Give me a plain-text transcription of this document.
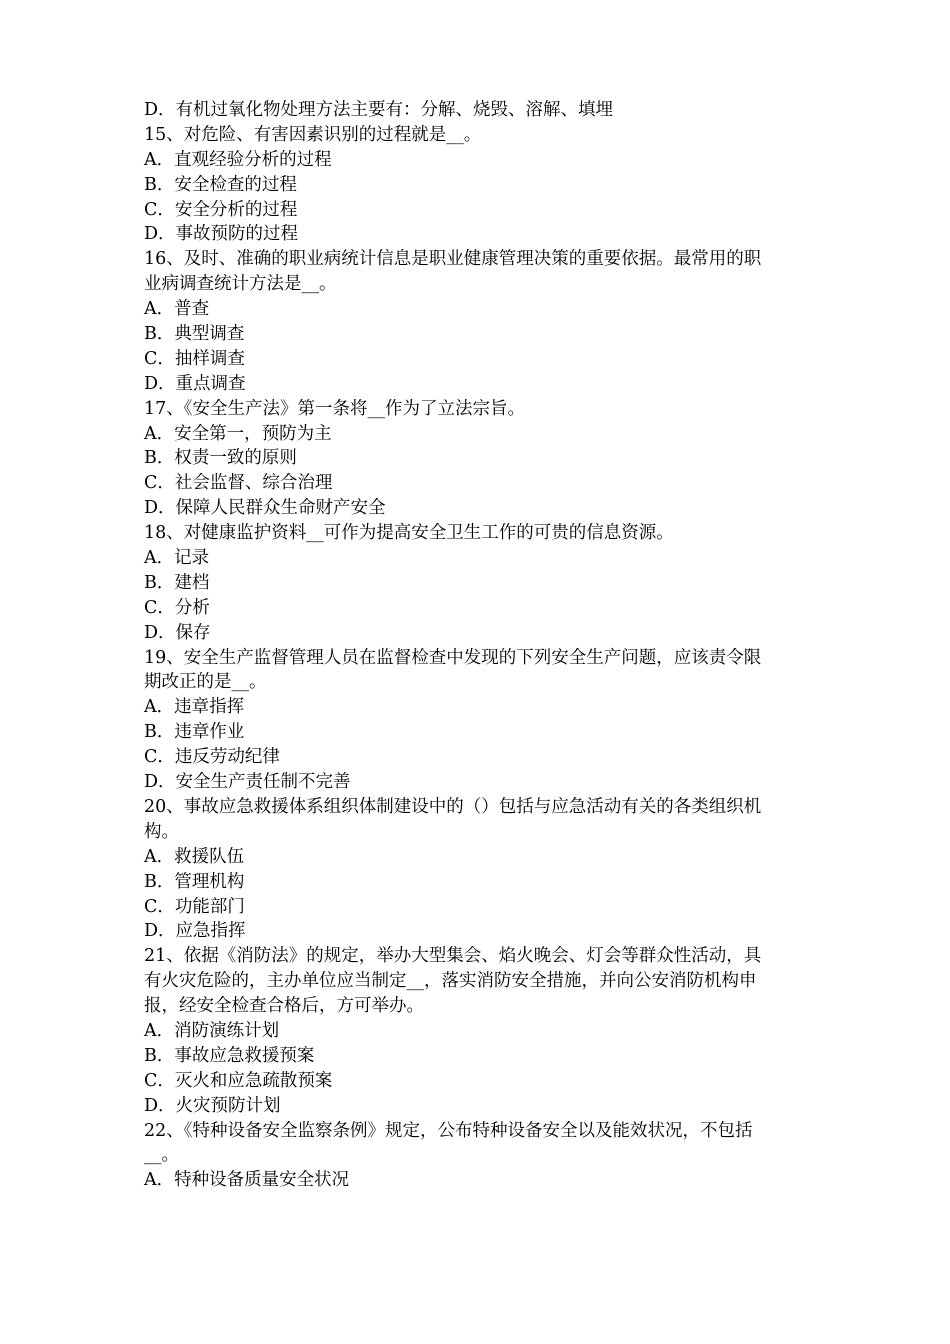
D．有机过氧化物处理方法主要有：分解、烧毁、溶解、填埋
15、对危险、有害因素识别的过程就是__。
A．直观经验分析的过程
B．安全检查的过程
C．安全分析的过程
D．事故预防的过程
16、及时、准确的职业病统计信息是职业健康管理决策的重要依据。最常用的职
业病调查统计方法是__。
A．普查
B．典型调查
C．抽样调查
D．重点调查
17、《安全生产法》第一条将__作为了立法宗旨。
A．安全第一，预防为主
B．权责一致的原则
C．社会监督、综合治理
D．保障人民群众生命财产安全
18、对健康监护资料__可作为提高安全卫生工作的可贵的信息资源。
A．记录
B．建档
C．分析
D．保存
19、安全生产监督管理人员在监督检查中发现的下列安全生产问题，应该责令限
期改正的是__。
A．违章指挥
B．违章作业
C．违反劳动纪律
D．安全生产责任制不完善
20、事故应急救援体系组织体制建设中的（）包括与应急活动有关的各类组织机
构。
A．救援队伍
B．管理机构
C．功能部门
D．应急指挥
21、依据《消防法》的规定，举办大型集会、焰火晚会、灯会等群众性活动，具
有火灾危险的，主办单位应当制定__，落实消防安全措施，并向公安消防机构申
报，经安全检查合格后，方可举办。
A．消防演练计划
B．事故应急救援预案
C．灭火和应急疏散预案
D．火灾预防计划
22、《特种设备安全监察条例》规定，公布特种设备安全以及能效状况，不包括
__。
A．特种设备质量安全状况
